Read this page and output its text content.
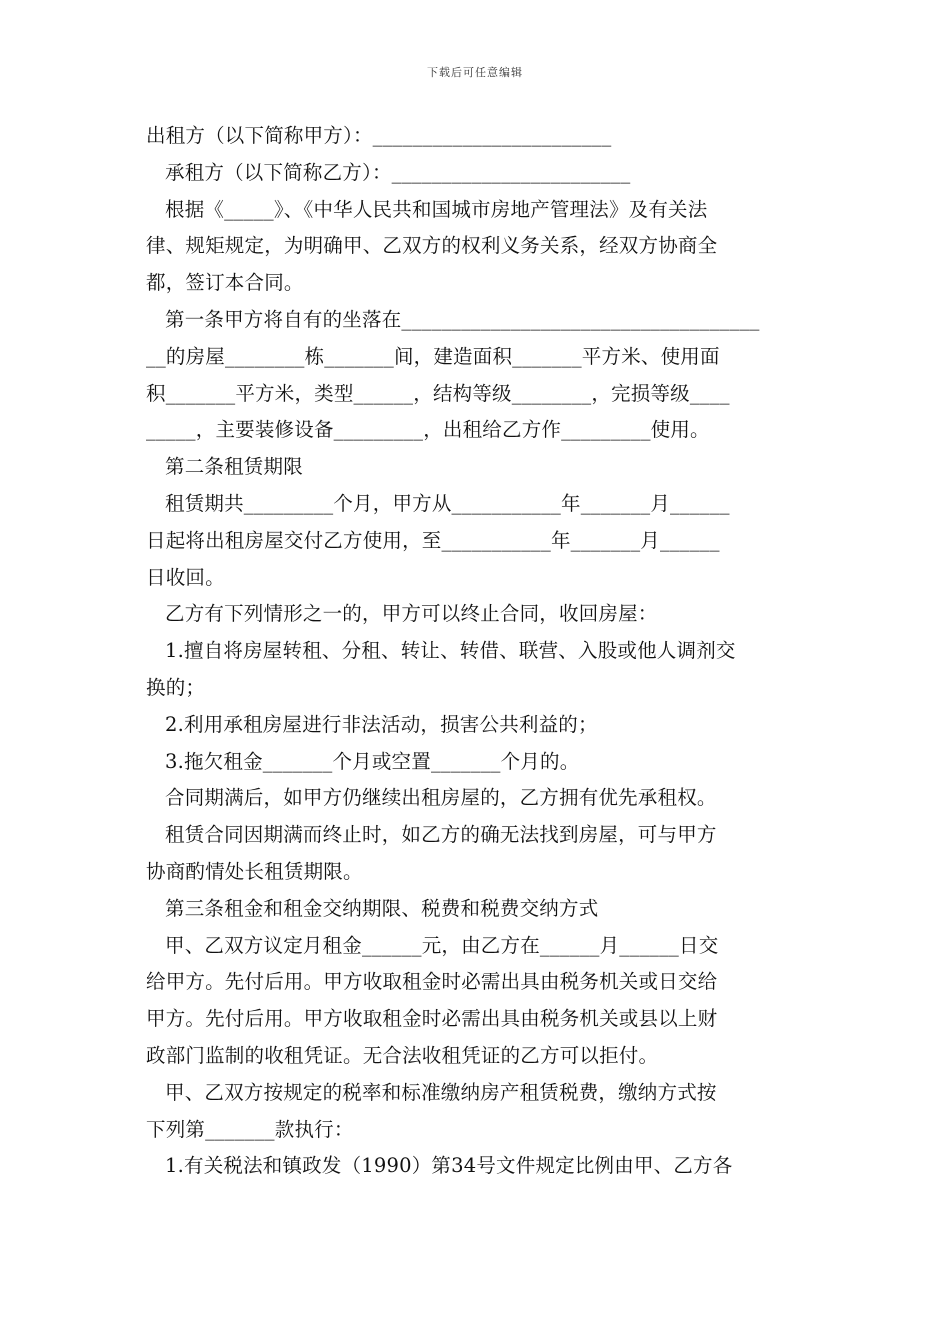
下载后可任意编辑
出租方（以下简称甲方）：________________________
承租方（以下简称乙方）：________________________
根据《_____》、《中华人民共和国城市房地产管理法》及有关法
律、规矩规定，为明确甲、乙双方的权利义务关系，经双方协商全
都，签订本合同。
第一条甲方将自有的坐落在____________________________________
__的房屋________栋_______间，建造面积_______平方米、使用面
积_______平方米，类型______，结构等级________，完损等级____
_____，主要装修设备_________，出租给乙方作_________使用。
第二条租赁期限
租赁期共_________个月，甲方从___________年_______月______
日起将出租房屋交付乙方使用，至___________年_______月______
日收回。
乙方有下列情形之一的，甲方可以终止合同，收回房屋：
1.擅自将房屋转租、分租、转让、转借、联营、入股或他人调剂交
换的；
2.利用承租房屋进行非法活动，损害公共利益的；
3.拖欠租金_______个月或空置_______个月的。
合同期满后，如甲方仍继续出租房屋的，乙方拥有优先承租权。
租赁合同因期满而终止时，如乙方的确无法找到房屋，可与甲方
协商酌情处长租赁期限。
第三条租金和租金交纳期限、税费和税费交纳方式
甲、乙双方议定月租金______元，由乙方在______月______日交
给甲方。先付后用。甲方收取租金时必需出具由税务机关或日交给
甲方。先付后用。甲方收取租金时必需出具由税务机关或县以上财
政部门监制的收租凭证。无合法收租凭证的乙方可以拒付。
甲、乙双方按规定的税率和标准缴纳房产租赁税费，缴纳方式按
下列第_______款执行：
1.有关税法和镇政发（1990）第34号文件规定比例由甲、乙方各
